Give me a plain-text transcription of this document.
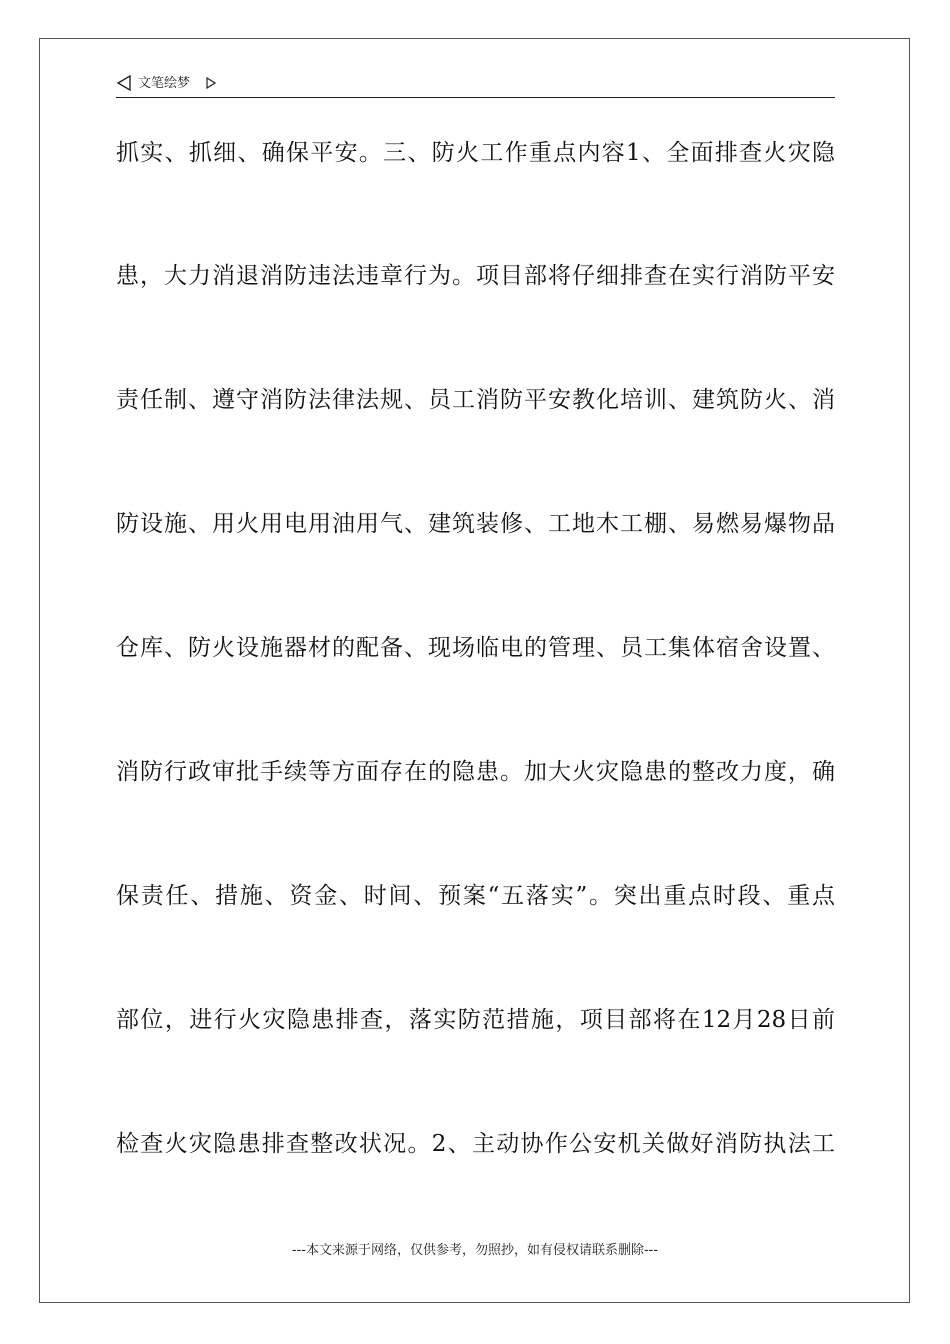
文笔绘梦
抓实、抓细、确保平安。三、防火工作重点内容1、全面排查火灾隐
患，大力消退消防违法违章行为。项目部将仔细排查在实行消防平安
责任制、遵守消防法律法规、员工消防平安教化培训、建筑防火、消
防设施、用火用电用油用气、建筑装修、工地木工棚、易燃易爆物品
仓库、防火设施器材的配备、现场临电的管理、员工集体宿舍设置、
消防行政审批手续等方面存在的隐患。加大火灾隐患的整改力度，确
保责任、措施、资金、时间、预案“五落实”。突出重点时段、重点
部位，进行火灾隐患排查，落实防范措施，项目部将在12月28日前
检查火灾隐患排查整改状况。2、主动协作公安机关做好消防执法工
---本文来源于网络，仅供参考，勿照抄，如有侵权请联系删除---
